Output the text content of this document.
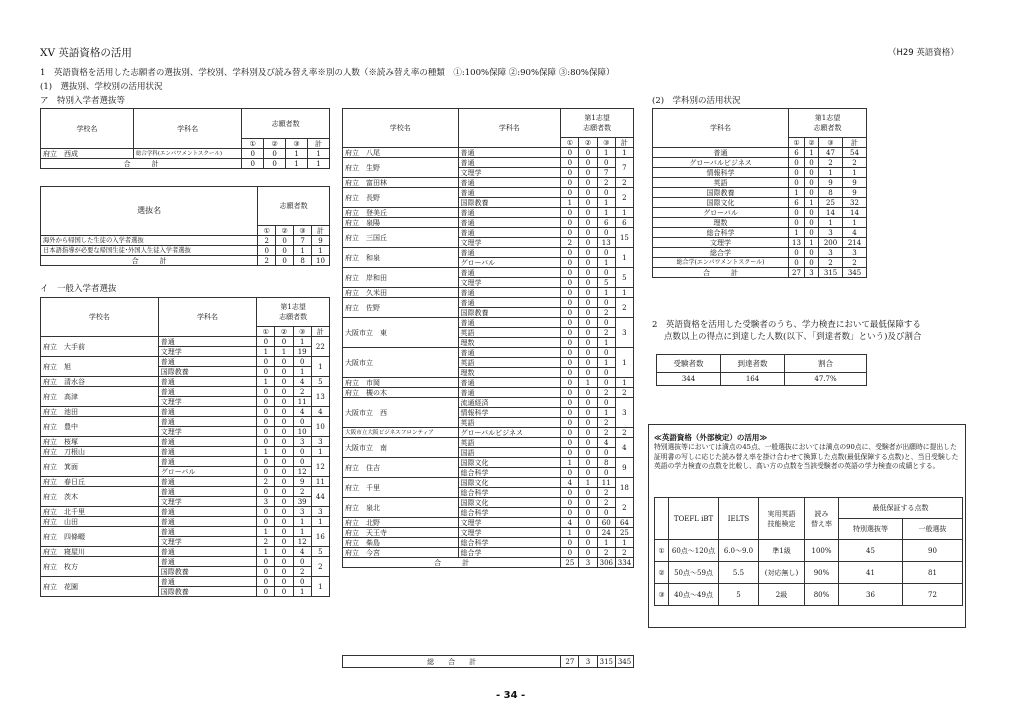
ⅩⅤ 英語資格の活用	（H29 英語資格）
1　英語資格を活用した志願者の選抜別、学校別、学科別及び読み替え率※別の人数（※読み替え率の種類　①:100%保障 ②:90%保障 ③:80%保障）
(1)　選抜別、学校別の活用状況
ア　特別入学者選抜等
イ　一般入学者選抜
(2)　学科別の活用状況
学校名	学科名	志願者数			
		①	②	③	計
府立　西成	総合学科(エンパワメントスクール)	0	0	1	1
合　　　計		0	0	1	1
選抜名	志願者数			
	①	②	③	計
海外から帰国した生徒の入学者選抜	2	0	7	9
日本語指導が必要な帰国生徒･外国人生徒入学者選抜	0	0	1	1
合　　　計	2	0	8	10
学校名	学科名	第1志望
志願者数			
		①	②	③	計
府立　大手前	普通	0	0	1	22
	文理学	1	1	19	
府立　旭	普通	0	0	0	1
	国際教養	0	0	1	
府立　清水谷	普通	1	0	4	5
府立　高津	普通	0	0	2	13
	文理学	0	0	11	
府立　池田	普通	0	0	4	4
府立　豊中	普通	0	0	0	10
	文理学	0	0	10	
府立　桜塚	普通	0	0	3	3
府立　刀根山	普通	1	0	0	1
府立　箕面	普通	0	0	0	12
	グローバル	0	0	12	
府立　春日丘	普通	2	0	9	11
府立　茨木	普通	0	0	2	44
	文理学	3	0	39	
府立　北千里	普通	0	0	3	3
府立　山田	普通	0	0	1	1
府立　四條畷	普通	1	0	1	16
	文理学	2	0	12	
府立　寝屋川	普通	1	0	4	5
府立　枚方	普通	0	0	0	2
	国際教養	0	0	2	
府立　花園	普通	0	0	0	1
	国際教養	0	0	1	
学校名	学科名	第1志望
志願者数			
		①	②	③	計
府立　八尾	普通	0	0	1	1
府立　生野	普通	0	0	0	7
	文理学	0	0	7	
府立　富田林	普通	0	0	2	2
府立　長野	普通	0	0	0	2
	国際教養	1	0	1	
府立　登美丘	普通	0	0	1	1
府立　泉陽	普通	0	0	6	6
府立　三国丘	普通	0	0	0	15
	文理学	2	0	13	
府立　和泉	普通	0	0	0	1
	グローバル	0	0	1	
府立　岸和田	普通	0	0	0	5
	文理学	0	0	5	
府立　久米田	普通	0	0	1	1
府立　佐野	普通	0	0	0	2
	国際教養	0	0	2	
大阪市立　東	普通	0	0	0	3
	英語	0	0	2	
	理数	0	0	1	
大阪市立	普通	0	0	0	1
	英語	0	0	1	
	理数	0	0	0	
府立　市岡	普通	0	1	0	1
府立　槻の木	普通	0	0	2	2
大阪市立　西	流通経済	0	0	0	3
	情報科学	0	0	1	
	英語	0	0	2	
大阪市立大阪ビジネスフロンティア	グローバルビジネス	0	0	2	2
大阪市立　南	英語	0	0	4	4
	国語	0	0	0	
府立　住吉	国際文化	1	0	8	9
	総合科学	0	0	0	
府立　千里	国際文化	4	1	11	18
	総合科学	0	0	2	
府立　泉北	国際文化	0	0	2	2
	総合科学	0	0	0	
府立　北野	文理学	4	0	60	64
府立　天王寺	文理学	1	0	24	25
府立　柴島	総合科学	0	0	1	1
府立　今宮	総合学	0	0	2	2
合　　　計		25	3	306	334
総　　合　　計	27	3	315	345
学科名	第1志望
志願者数			
	①	②	③	計
普通	6	1	47	54
グローバルビジネス	0	0	2	2
情報科学	0	0	1	1
英語	0	0	9	9
国際教養	1	0	8	9
国際文化	6	1	25	32
グローバル	0	0	14	14
理数	0	0	1	1
総合科学	1	0	3	4
文理学	13	1	200	214
総合学	0	0	3	3
総合学(エンパワメントスクール)	0	0	2	2
合　　　計	27	3	315	345
2　英語資格を活用した受験者のうち、学力検査において最低保障する
点数以上の得点に到達した人数(以下、「到達者数」という)及び割合
受験者数	到達者数	割合
344	164	47.7%
≪英語資格（外部検定）の活用≫
特別選抜等においては満点の45点、一般選抜においては満点の90点に、受験者が出願時に提出した証明書の写しに応じた読み替え率を掛け合わせて換算した点数(最低保障する点数)と、当日受験した英語の学力検査の点数を比較し、高い方の点数を当該受験者の英語の学力検査の成績とする。
	TOEFL iBT	IELTS	実用英語
技能検定	読み
替え率	最低保証する点数	
					特別選抜等	一般選抜
①	60点～120点	6.0～9.0	準1級	100%	45	90
②	50点～59点	5.5	(対応無し)	90%	41	81
③	40点～49点	5	2級	80%	36	72
- 34 -
